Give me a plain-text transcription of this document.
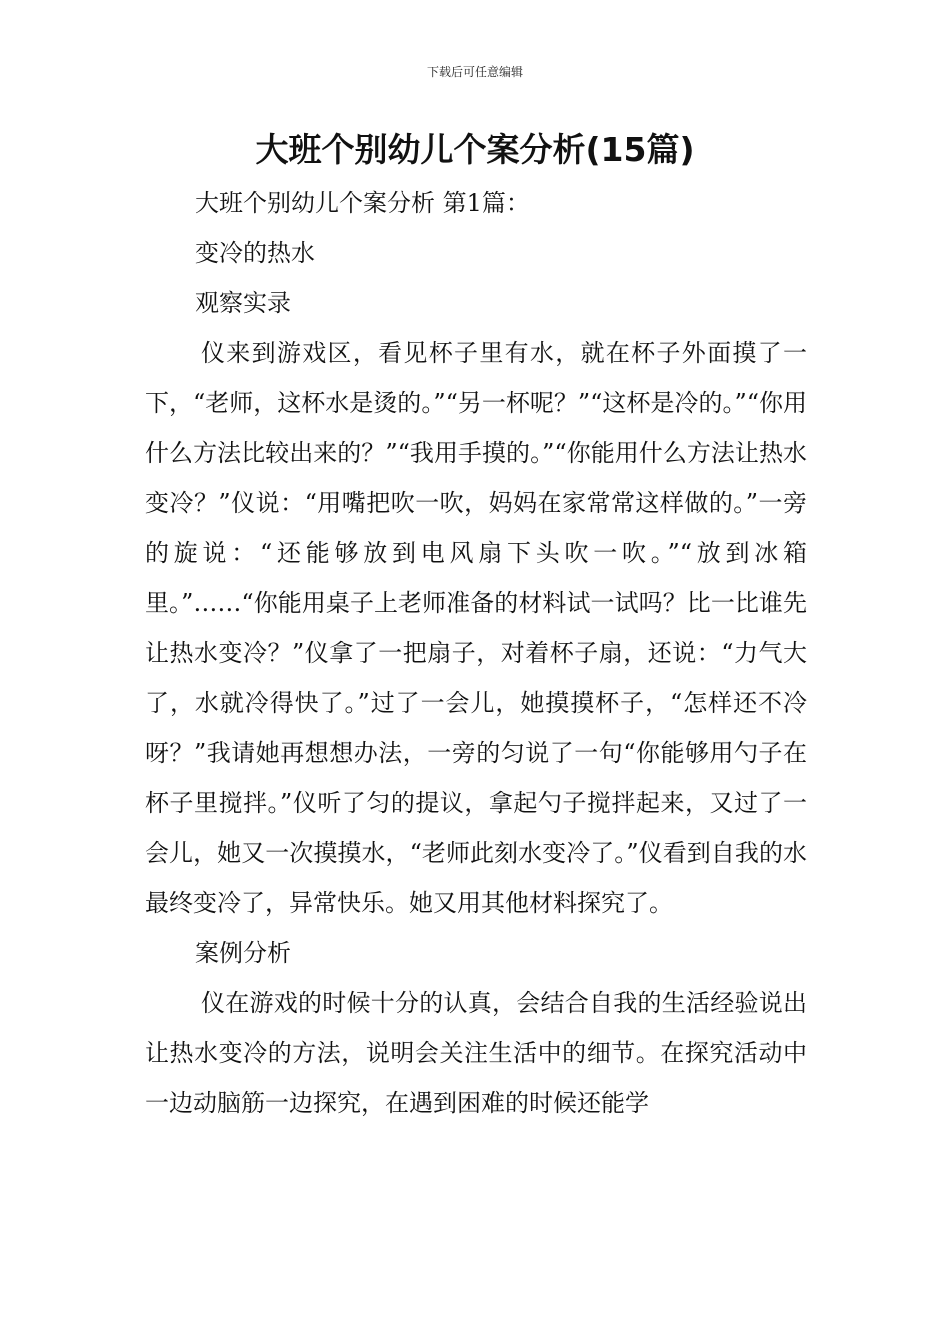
下载后可任意编辑
大班个别幼儿个案分析(15篇)

大班个别幼儿个案分析 第1篇：

变冷的热水

观察实录

仪来到游戏区，看见杯子里有水，就在杯子外面摸了一下，“老师，这杯水是烫的。”“另一杯呢？”“这杯是冷的。”“你用什么方法比较出来的？”“我用手摸的。”“你能用什么方法让热水变冷？”仪说：“用嘴把吹一吹，妈妈在家常常这样做的。”一旁的旋说：“还能够放到电风扇下头吹一吹。”“放到冰箱里。”……“你能用桌子上老师准备的材料试一试吗？比一比谁先让热水变冷？”仪拿了一把扇子，对着杯子扇，还说：“力气大了，水就冷得快了。”过了一会儿，她摸摸杯子，“怎样还不冷呀？”我请她再想想办法，一旁的匀说了一句“你能够用勺子在杯子里搅拌。”仪听了匀的提议，拿起勺子搅拌起来，又过了一会儿，她又一次摸摸水，“老师此刻水变冷了。”仪看到自我的水最终变冷了，异常快乐。她又用其他材料探究了。

案例分析

仪在游戏的时候十分的认真，会结合自我的生活经验说出让热水变冷的方法，说明会关注生活中的细节。在探究活动中一边动脑筋一边探究，在遇到困难的时候还能学
